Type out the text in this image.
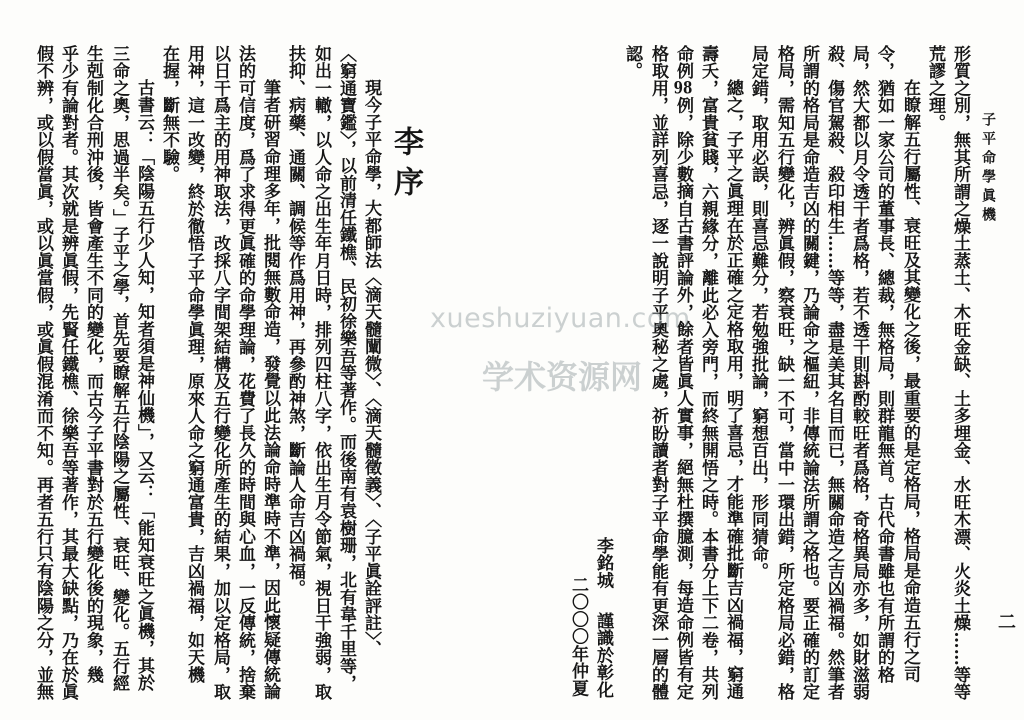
子平命學眞機
二
形質之別，無其所謂之燥土蒸土、木旺金缺、土多埋金、水旺木漂、火炎土燥……等等
荒謬之理。
在瞭解五行屬性、衰旺及其變化之後，最重要的是定格局，格局是命造五行之司
令，猶如一家公司的董事長、總裁，無格局，則群龍無首。古代命書雖也有所謂的格
局，然大都以月令透干者爲格，若不透干則斟酌較旺者爲格，奇格異局亦多，如財滋弱
殺、傷官駕殺、殺印相生……等等，盡是美其名目而已，無關命造之吉凶禍福。然筆者
所謂的格局是命造吉凶的關鍵，乃論命之樞紐，非傳統論法所謂之格也。要正確的訂定
格局，需知五行變化，辨眞假，察衰旺，缺一不可，當中一環出錯，所定格局必錯，格
局定錯，取用必誤，則喜忌難分，若勉強批論，窮想百出，形同猜命。
總之，子平之眞理在於正確之定格取用，明了喜忌，才能準確批斷吉凶禍福，窮通
壽夭，富貴貧賤，六親緣分，離此必入旁門，而終無開悟之時。本書分上下二卷，共列
命例98例，除少數摘自古書評論外，餘者皆眞人實事，絕無杜撰臆測，每造命例皆有定
格取用，並詳列喜忌，逐一說明子平奧秘之處，祈盼讀者對子平命學能有更深一層的體
認。
李銘城
謹識於彰化
二〇〇〇年仲夏
李序
現今子平命學，大都師法〈滴天髓闡微〉、〈滴天髓徵義〉、〈子平眞詮評註〉、
〈窮通寶鑑〉，以前清任鐵樵、民初徐樂吾等著作。而後南有袁樹珊，北有韋千里等，
如出一轍，以人命之出生年月日時，排列四柱八字，依出生月令節氣，視日干強弱，取
扶抑、病藥、通關、調候等作爲用神，再參酌神煞，斷論人命吉凶禍福。
筆者研習命理多年，批閱無數命造，發覺以此法論命時準時不準，因此懷疑傳統論
法的可信度，爲了求得更眞確的命學理論，花費了長久的時間與心血，一反傳統，捨棄
以日干爲主的用神取法，改採八字間架結構及五行變化所產生的結果，加以定格局，取
用神，這一改變，終於徹悟子平命學眞理，原來人命之窮通富貴，吉凶禍福，如天機
在握，斷無不驗。
古書云：「陰陽五行少人知，知者須是神仙機」，又云：「能知衰旺之眞機，其於
三命之奧，思過半矣。」子平之學，首先要瞭解五行陰陽之屬性、衰旺、變化。五行經
生剋制化合刑沖後，皆會產生不同的變化，而古今子平書對於五行變化後的現象，幾
乎少有論對者。其次就是辨眞假，先賢任鐵樵、徐樂吾等著作，其最大缺點，乃在於眞
假不辨，或以假當眞，或以眞當假，或眞假混淆而不知。再者五行只有陰陽之分，並無	xueshuziyuan.com
学术资源网
